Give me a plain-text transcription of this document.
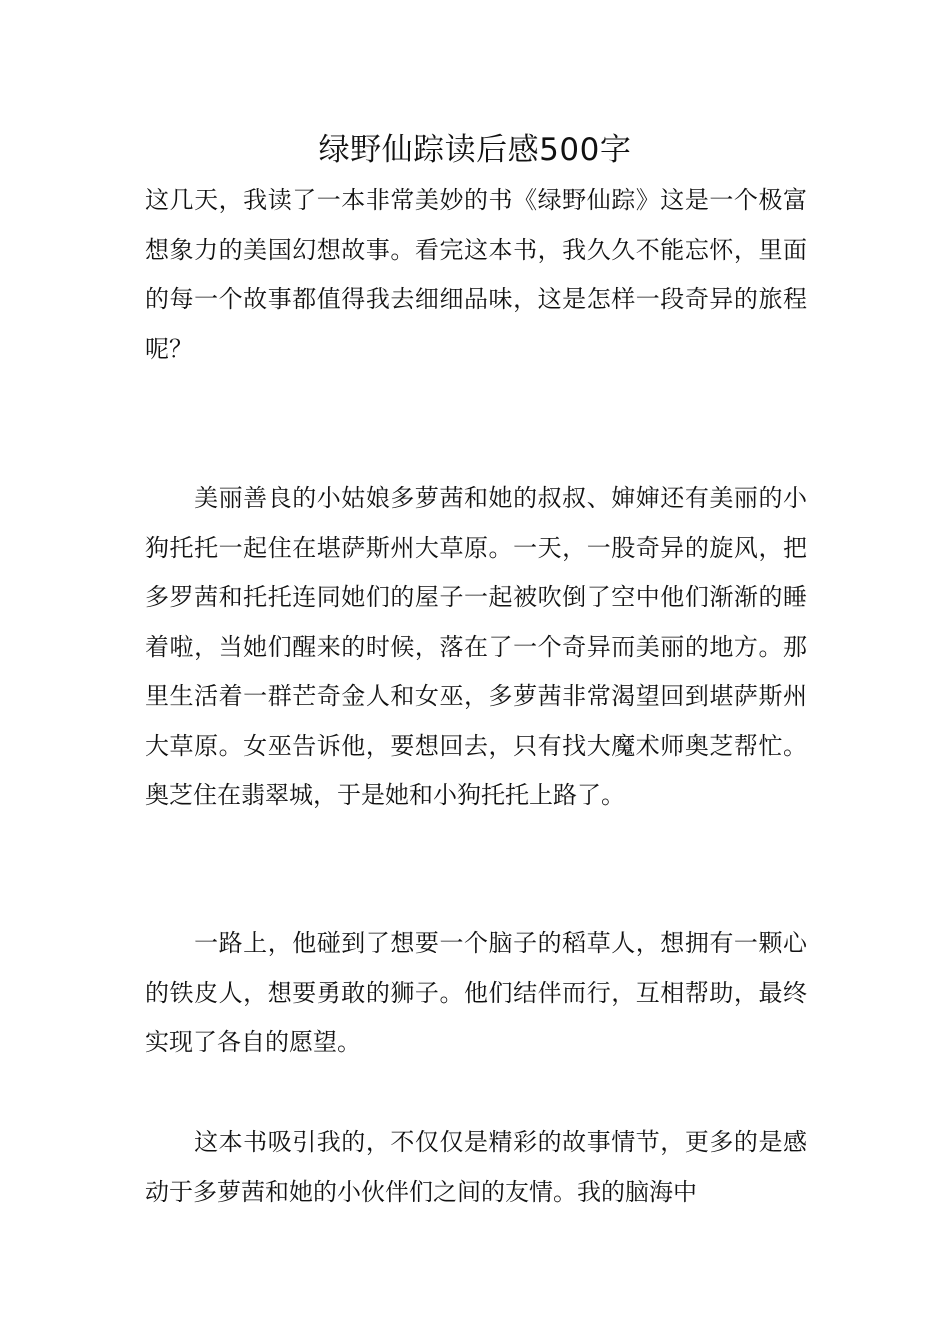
绿野仙踪读后感500字

这几天，我读了一本非常美妙的书《绿野仙踪》这是一个极富想象力的美国幻想故事。看完这本书，我久久不能忘怀，里面的每一个故事都值得我去细细品味，这是怎样一段奇异的旅程呢？

　　美丽善良的小姑娘多萝茜和她的叔叔、婶婶还有美丽的小狗托托一起住在堪萨斯州大草原。一天，一股奇异的旋风，把多罗茜和托托连同她们的屋子一起被吹倒了空中他们渐渐的睡着啦，当她们醒来的时候，落在了一个奇异而美丽的地方。那里生活着一群芒奇金人和女巫，多萝茜非常渴望回到堪萨斯州大草原。女巫告诉他，要想回去，只有找大魔术师奥芝帮忙。奥芝住在翡翠城，于是她和小狗托托上路了。

　　一路上，他碰到了想要一个脑子的稻草人，想拥有一颗心的铁皮人，想要勇敢的狮子。他们结伴而行，互相帮助，最终实现了各自的愿望。

　　这本书吸引我的，不仅仅是精彩的故事情节，更多的是感动于多萝茜和她的小伙伴们之间的友情。我的脑海中
